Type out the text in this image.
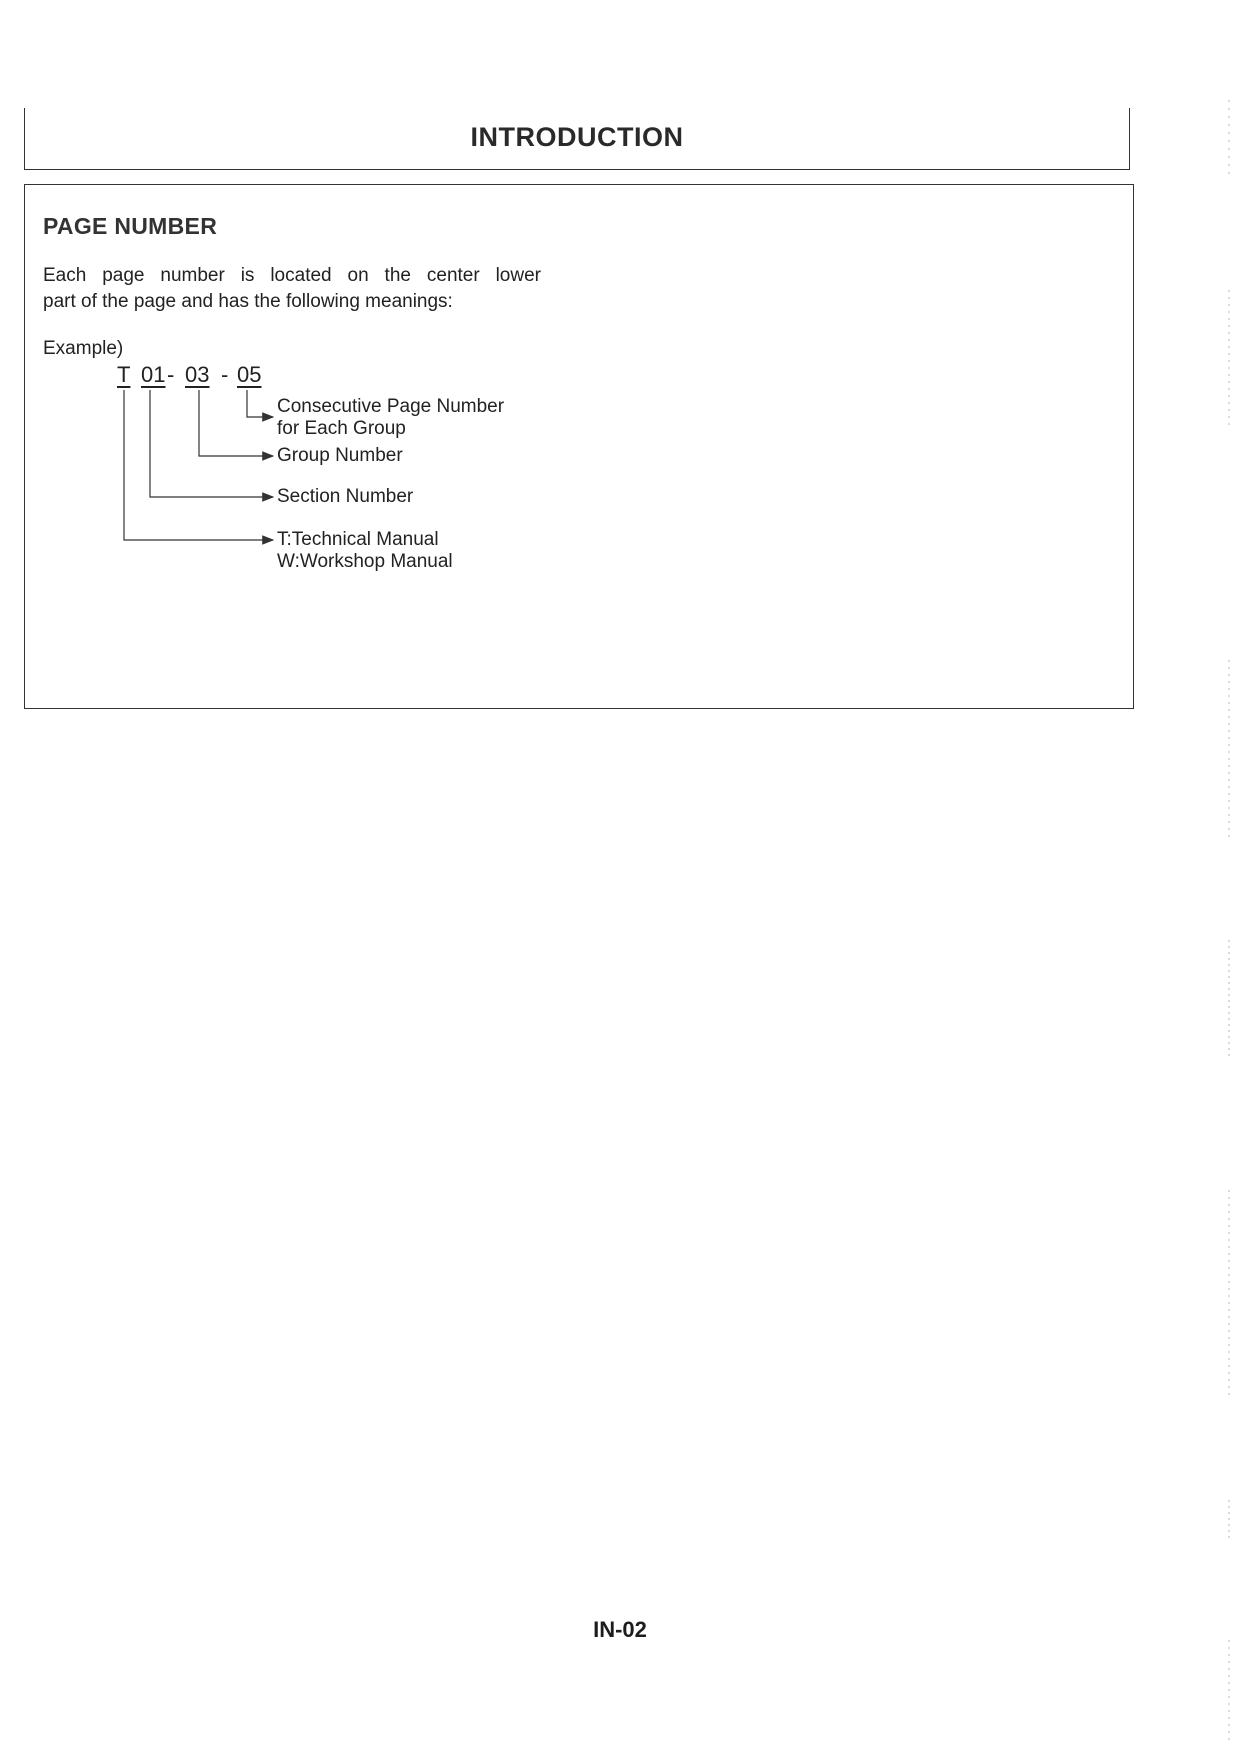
INTRODUCTION
PAGE NUMBER
Each page number is located on the center lower
part of the page and has the following meanings:
Example)
T 01 - 03 - 05
Consecutive Page Number
for Each Group
Group Number
Section Number
T:Technical Manual
W:Workshop Manual
IN-02
